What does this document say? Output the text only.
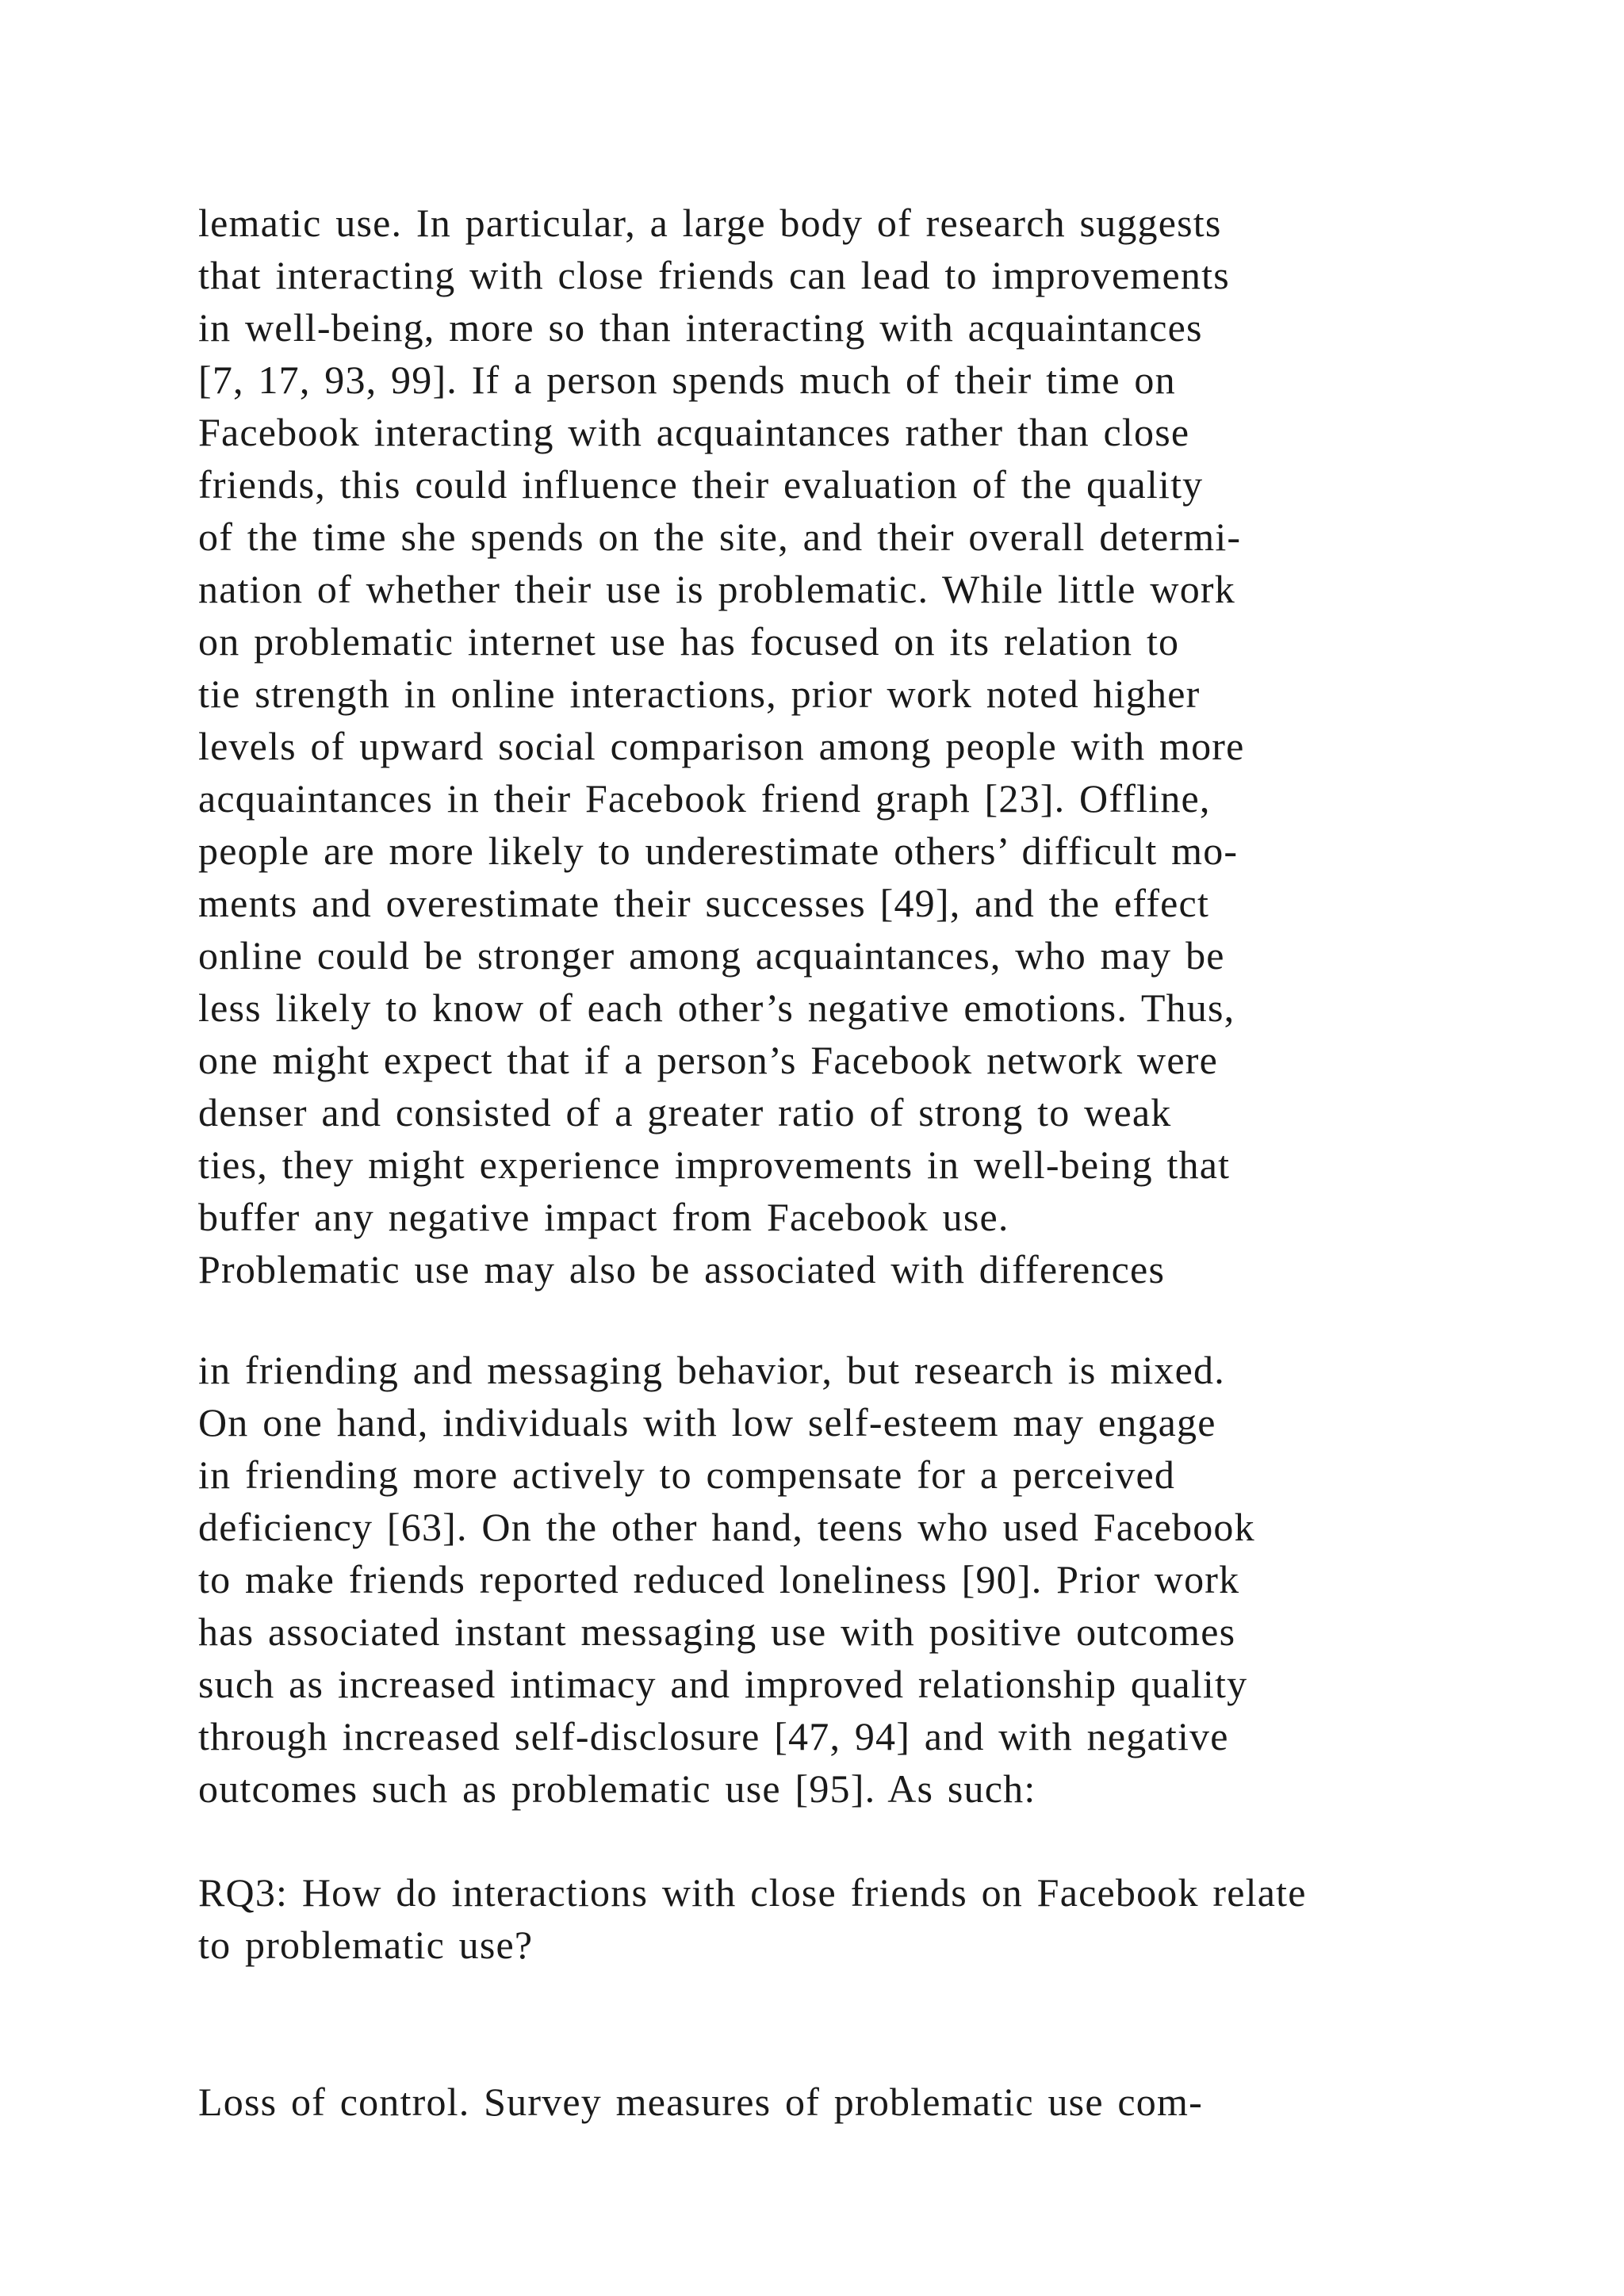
lematic use. In particular, a large body of research suggests
that interacting with close friends can lead to improvements
in well-being, more so than interacting with acquaintances
[7, 17, 93, 99]. If a person spends much of their time on
Facebook interacting with acquaintances rather than close
friends, this could influence their evaluation of the quality
of the time she spends on the site, and their overall determi-
nation of whether their use is problematic. While little work
on problematic internet use has focused on its relation to
tie strength in online interactions, prior work noted higher
levels of upward social comparison among people with more
acquaintances in their Facebook friend graph [23]. Offline,
people are more likely to underestimate others’ difficult mo-
ments and overestimate their successes [49], and the effect
online could be stronger among acquaintances, who may be
less likely to know of each other’s negative emotions. Thus,
one might expect that if a person’s Facebook network were
denser and consisted of a greater ratio of strong to weak
ties, they might experience improvements in well-being that
buffer any negative impact from Facebook use.
Problematic use may also be associated with differences
in friending and messaging behavior, but research is mixed.
On one hand, individuals with low self-esteem may engage
in friending more actively to compensate for a perceived
deficiency [63]. On the other hand, teens who used Facebook
to make friends reported reduced loneliness [90]. Prior work
has associated instant messaging use with positive outcomes
such as increased intimacy and improved relationship quality
through increased self-disclosure [47, 94] and with negative
outcomes such as problematic use [95]. As such:
RQ3: How do interactions with close friends on Facebook relate
to problematic use?
Loss of control. Survey measures of problematic use com-
